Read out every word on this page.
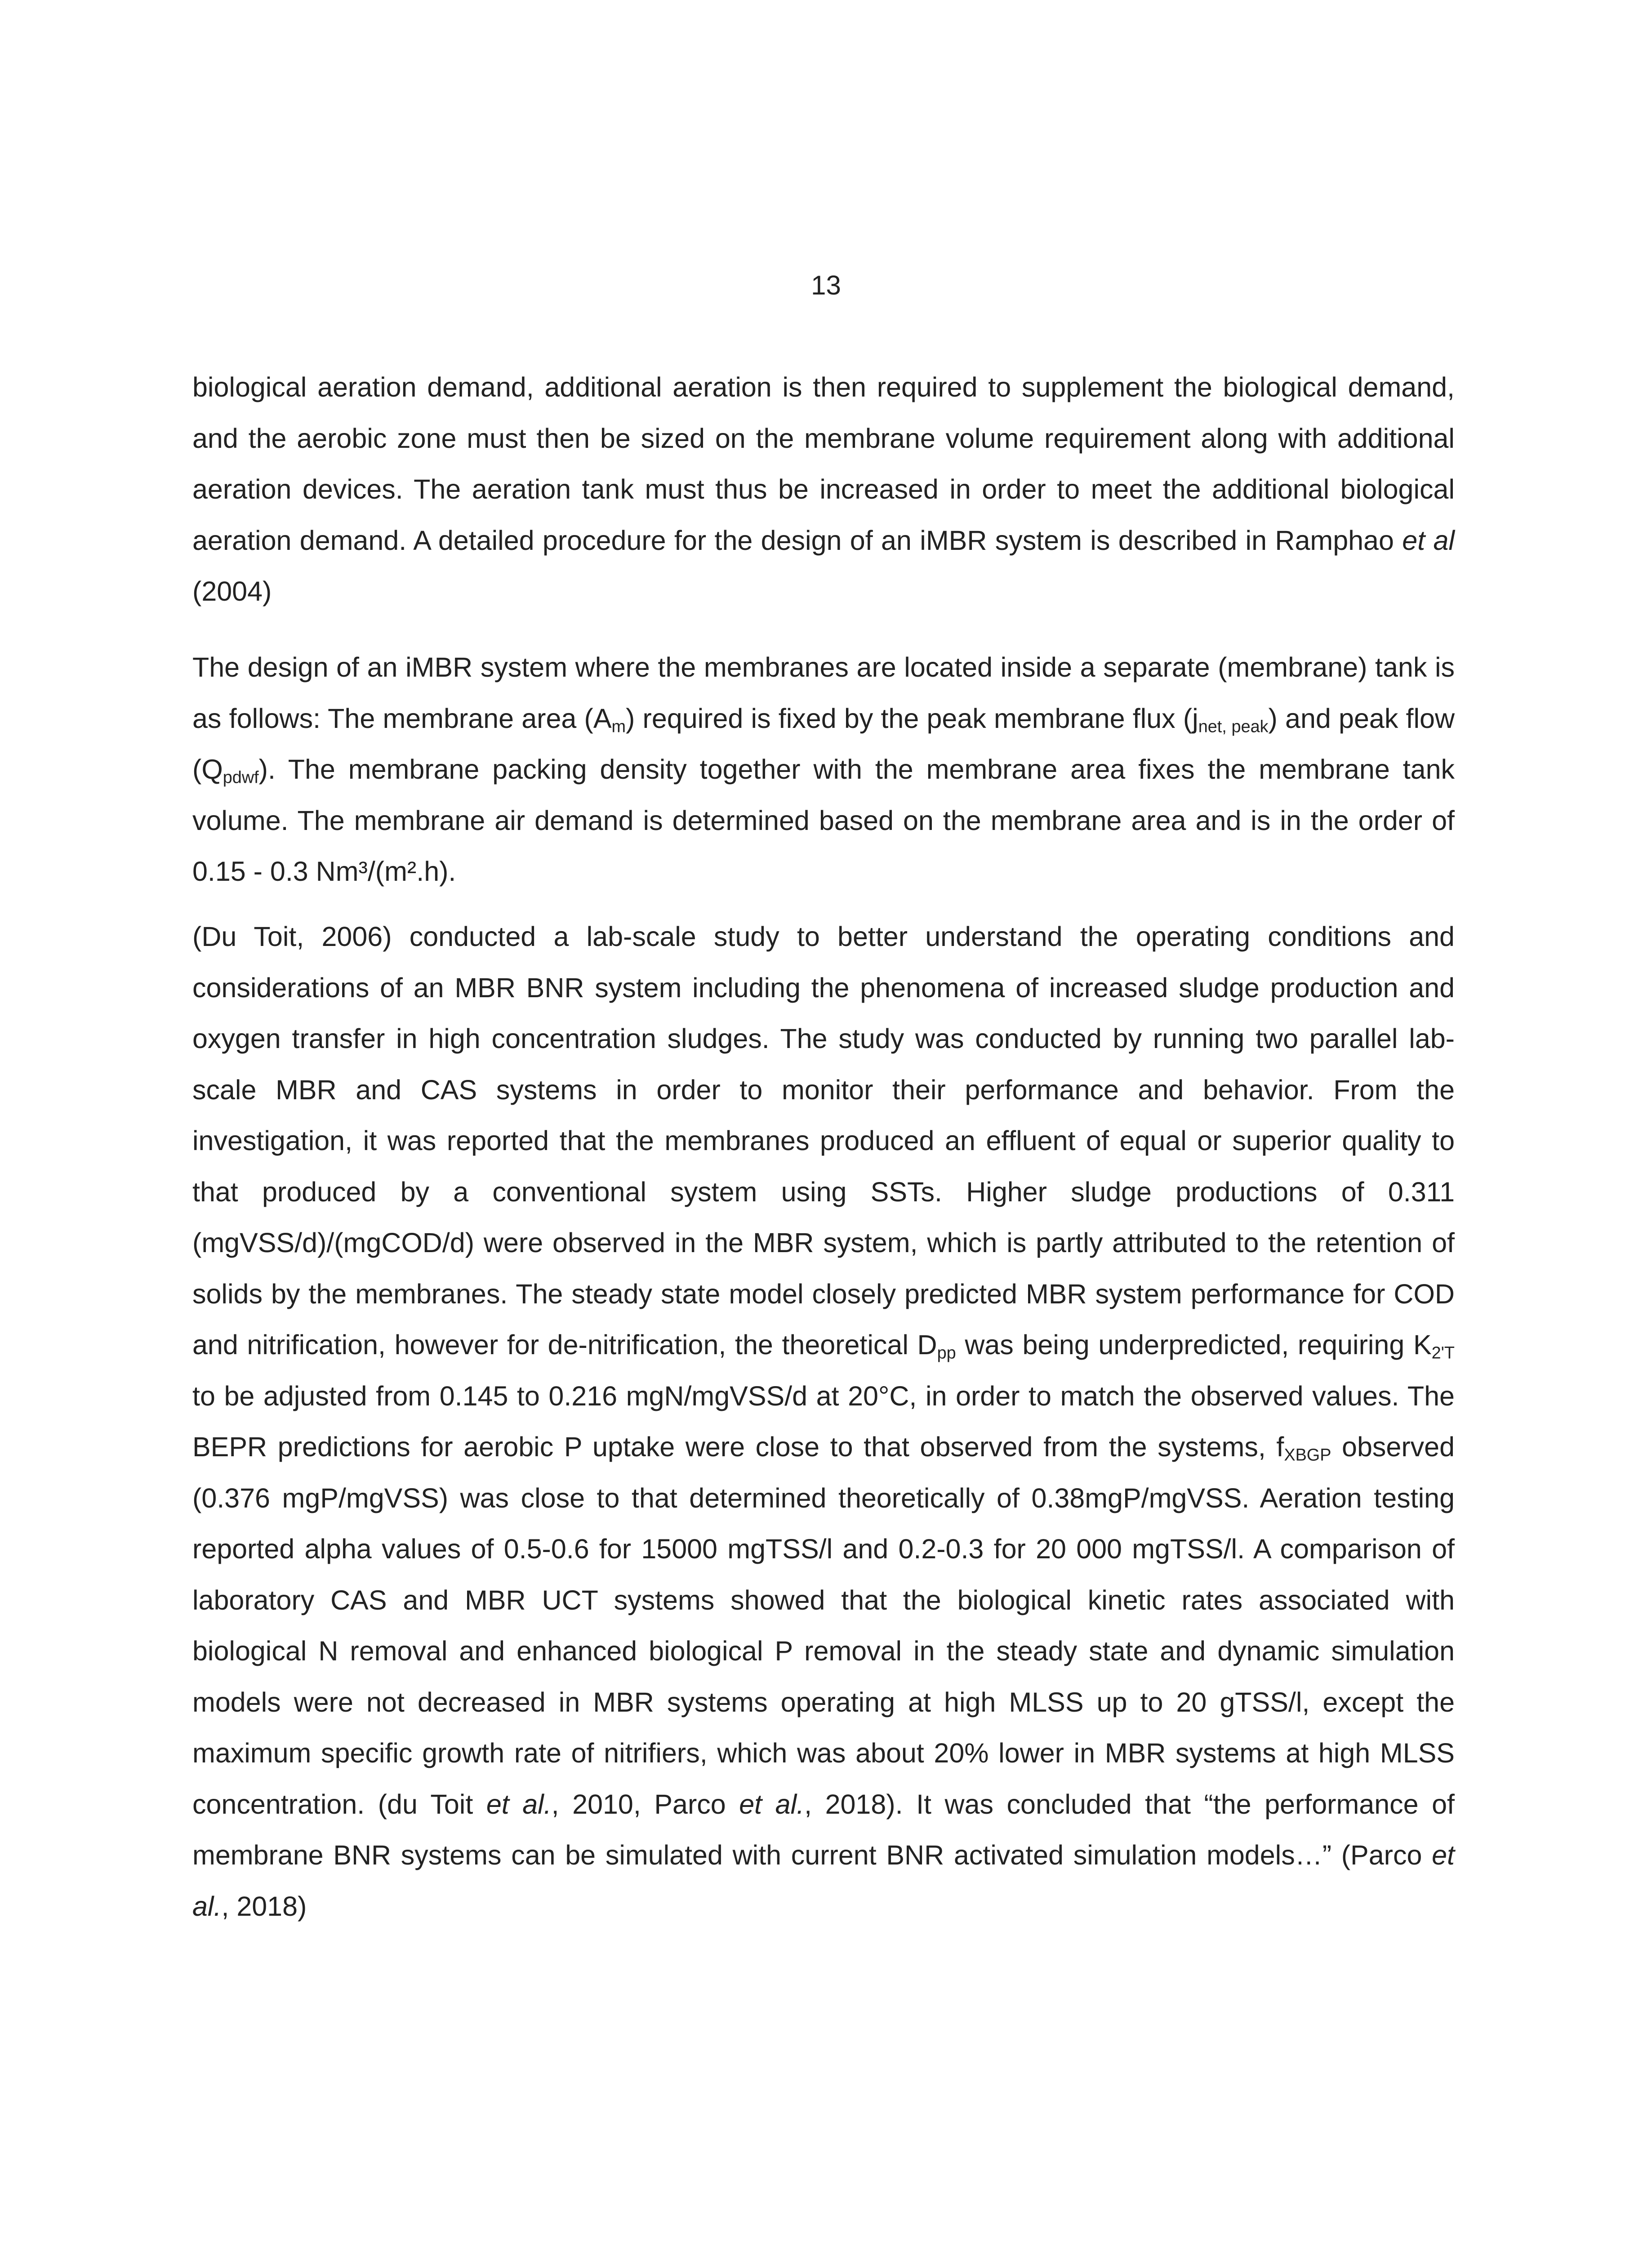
13

biological aeration demand, additional aeration is then required to supplement the biological demand, and the aerobic zone must then be sized on the membrane volume requirement along with additional aeration devices. The aeration tank must thus be increased in order to meet the additional biological aeration demand. A detailed procedure for the design of an iMBR system is described in Ramphao et al (2004)

The design of an iMBR system where the membranes are located inside a separate (membrane) tank is as follows: The membrane area $(A_m)$ required is fixed by the peak membrane flux $(j_{net, peak})$ and peak flow $(Q_{pdwf})$. The membrane packing density together with the membrane area fixes the membrane tank volume. The membrane air demand is determined based on the membrane area and is in the order of 0.15 - 0.3 Nm³/(m².h).

(Du Toit, 2006) conducted a lab-scale study to better understand the operating conditions and considerations of an MBR BNR system including the phenomena of increased sludge production and oxygen transfer in high concentration sludges. The study was conducted by running two parallel lab-scale MBR and CAS systems in order to monitor their performance and behavior. From the investigation, it was reported that the membranes produced an effluent of equal or superior quality to that produced by a conventional system using SSTs. Higher sludge productions of 0.311 (mgVSS/d)/(mgCOD/d) were observed in the MBR system, which is partly attributed to the retention of solids by the membranes. The steady state model closely predicted MBR system performance for COD and nitrification, however for de-nitrification, the theoretical $D_{pp}$ was being underpredicted, requiring $K_{2'T}$ to be adjusted from 0.145 to 0.216 mgN/mgVSS/d at 20°C, in order to match the observed values. The BEPR predictions for aerobic P uptake were close to that observed from the systems, $f_{XBGP}$ observed (0.376 mgP/mgVSS) was close to that determined theoretically of 0.38mgP/mgVSS. Aeration testing reported alpha values of 0.5-0.6 for 15000 mgTSS/l and 0.2-0.3 for 20 000 mgTSS/l. A comparison of laboratory CAS and MBR UCT systems showed that the biological kinetic rates associated with biological N removal and enhanced biological P removal in the steady state and dynamic simulation models were not decreased in MBR systems operating at high MLSS up to 20 gTSS/l, except the maximum specific growth rate of nitrifiers, which was about 20% lower in MBR systems at high MLSS concentration. (du Toit et al., 2010, Parco et al., 2018). It was concluded that “the performance of membrane BNR systems can be simulated with current BNR activated simulation models…” (Parco et al., 2018)
